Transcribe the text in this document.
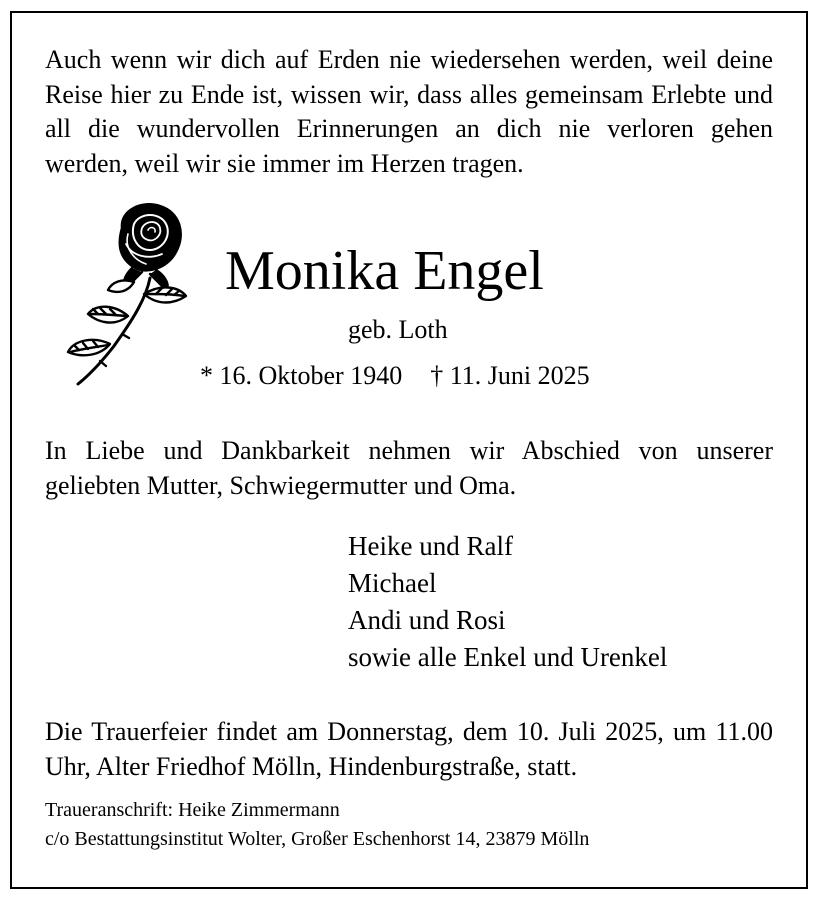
Auch wenn wir dich auf Erden nie wiedersehen werden, weil deine Reise hier zu Ende ist, wissen wir, dass alles gemeinsam Erlebte und all die wundervollen Erinnerungen an dich nie verloren gehen werden, weil wir sie immer im Herzen tragen.

Monika Engel
geb. Loth
* 16. Oktober 1940 † 11. Juni 2025

In Liebe und Dankbarkeit nehmen wir Abschied von unserer geliebten Mutter, Schwiegermutter und Oma.

Heike und Ralf
Michael
Andi und Rosi
sowie alle Enkel und Urenkel

Die Trauerfeier findet am Donnerstag, dem 10. Juli 2025, um 11.00 Uhr, Alter Friedhof Mölln, Hindenburgstraße, statt.

Traueranschrift: Heike Zimmermann
c/o Bestattungsinstitut Wolter, Großer Eschenhorst 14, 23879 Mölln
